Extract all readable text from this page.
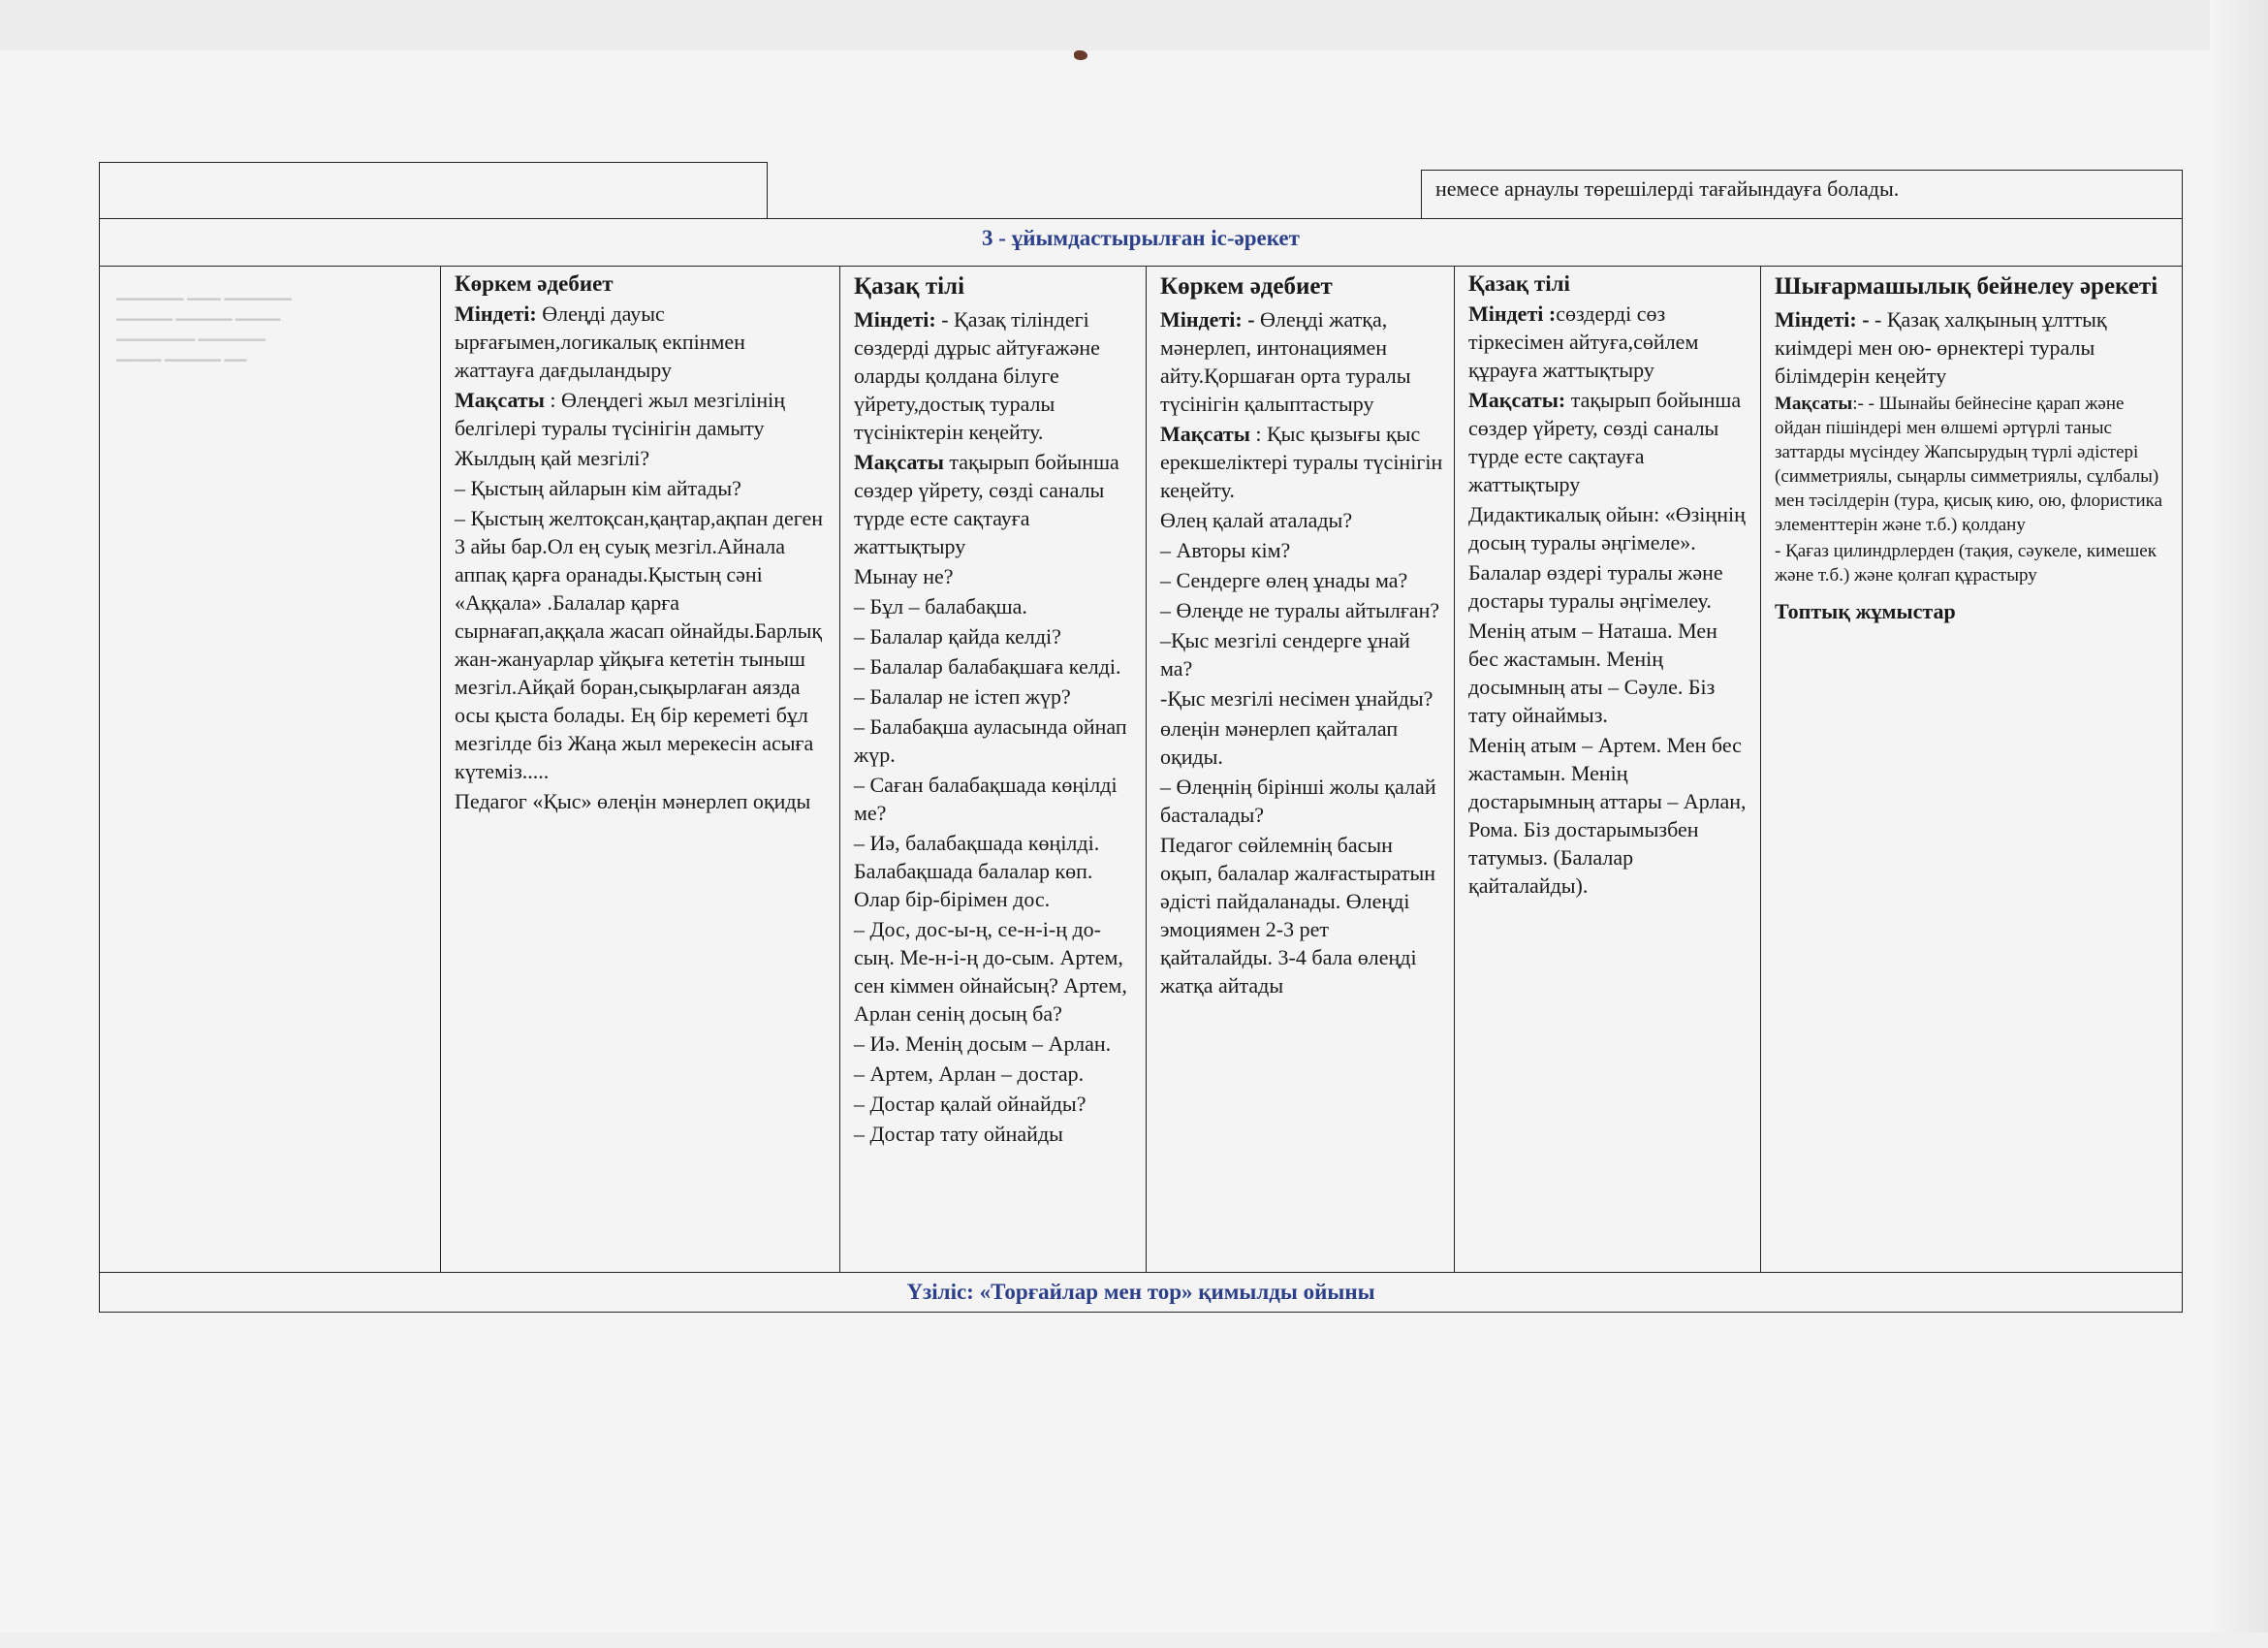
▁▁▁▁▁▁ ▁▁▁ ▁▁▁▁▁▁
▁▁▁▁▁ ▁▁▁▁▁ ▁▁▁▁
▁▁▁▁▁▁▁ ▁▁▁▁▁▁
▁▁▁▁ ▁▁▁▁▁ ▁▁

немесе арнаулы төрешілерді тағайындауға болады.

3 - ұйымдастырылған іс-әрекет

Көркем әдебиет

Міндеті: Өлеңді дауыс ырғағымен,логикалық екпінмен жаттауға дағдыландыру

Мақсаты : Өлеңдегі жыл мезгілінің белгілері туралы түсінігін дамыту

Жылдың қай мезгілі?

– Қыстың айларын кім айтады?

– Қыстың желтоқсан,қаңтар,ақпан деген 3 айы бар.Ол ең суық мезгіл.Айнала аппақ қарға оранады.Қыстың сәні «Аққала» .Балалар қарға сырнағап,аққала жасап ойнайды.Барлық жан-жануарлар ұйқыға кететін тыныш мезгіл.Айқай боран,сықырлаған аязда осы қыста болады. Ең бір кереметі бұл мезгілде біз Жаңа жыл мерекесін асыға күтеміз.....

Педагог «Қыс» өлеңін мәнерлеп оқиды

Қазақ тілі

Міндеті: - Қазақ тіліндегі сөздерді дұрыс айтуғажәне оларды қолдана білуге үйрету,достық туралы түсініктерін кеңейту.

Мақсаты тақырып бойынша сөздер үйрету, сөзді саналы түрде есте сақтауға жаттықтыру

Мынау не?

– Бұл – балабақша.

– Балалар қайда келді?

– Балалар балабақшаға келді.

– Балалар не істеп жүр?

– Балабақша ауласында ойнап жүр.

– Саған балабақшада көңілді ме?

– Иә, балабақшада көңілді. Балабақшада балалар көп. Олар бір-бірімен дос.

– Дос, дос-ы-ң, се-н-і-ң до-сың. Ме-н-і-ң до-сым. Артем, сен кіммен ойнайсың? Артем, Арлан сенің досың ба?

– Иә. Менің досым – Арлан.

– Артем, Арлан – достар.

– Достар қалай ойнайды?

– Достар тату ойнайды

Көркем әдебиет

Міндеті: - Өлеңді жатқа, мәнерлеп, интонациямен айту.Қоршаған орта туралы түсінігін қалыптастыру

Мақсаты : Қыс қызығы қыс ерекшеліктері туралы түсінігін кеңейту.

Өлең қалай аталады?

– Авторы кім?

– Сендерге өлең ұнады ма?

– Өлеңде не туралы айтылған?

–Қыс мезгілі сендерге ұнай ма?

-Қыс мезгілі несімен ұнайды?

өлеңін мәнерлеп қайталап оқиды.

– Өлеңнің бірінші жолы қалай басталады?

Педагог сөйлемнің басын оқып, балалар жалғастыратын әдісті пайдаланады. Өлеңді эмоциямен 2-3 рет қайталайды. 3-4 бала өлеңді жатқа айтады

Қазақ тілі

Міндеті :сөздерді сөз тіркесімен айтуға,сөйлем құрауға жаттықтыру

Мақсаты: тақырып бойынша сөздер үйрету, сөзді саналы түрде есте сақтауға жаттықтыру

Дидактикалық ойын: «Өзіңнің досың туралы әңгімеле».

Балалар өздері туралы және достары туралы әңгімелеу.

Менің атым – Наташа. Мен бес жастамын. Менің досымның аты – Сәуле. Біз тату ойнаймыз.

Менің атым – Артем. Мен бес жастамын. Менің достарымның аттары – Арлан, Рома. Біз достарымызбен татумыз. (Балалар қайталайды).

Шығармашылық бейнелеу әрекеті

Міндеті: - - Қазақ халқының ұлттық киімдері мен ою- өрнектері туралы білімдерін кеңейту

Мақсаты:- - Шынайы бейнесіне қарап және ойдан пішіндері мен өлшемі әртүрлі таныс заттарды мүсіндеу Жапсырудың түрлі әдістері (симметриялы, сыңарлы симметриялы, сұлбалы) мен тәсілдерін (тура, қисық кию, ою, флористика элементтерін және т.б.) қолдану

- Қағаз цилиндрлерден (тақия, сәукеле, кимешек және т.б.) және қолғап құрастыру

Топтық жұмыстар

Үзіліс: «Торғайлар мен тор» қимылды ойыны
